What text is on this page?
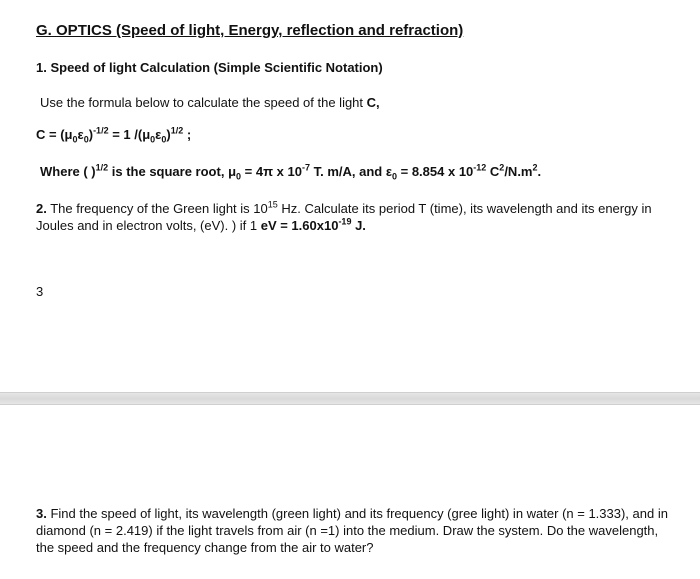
G. OPTICS (Speed of light, Energy, reflection and refraction)
1. Speed of light Calculation (Simple Scientific Notation)
Use the formula below to calculate the speed of the light C,
$C = (\mu_0\varepsilon_0)^{-1/2} = 1$ $/(\mu_0\varepsilon_0)^{1/2}$ ;
Where ( )$^{1/2}$ is the square root, $\mu_0 = 4\pi$ x $10^{-7}$ T. m/A, and $\varepsilon_0 = 8.854$ x $10^{-12}$ $C^2/N.m^2$.
2. The frequency of the Green light is $10^{15}$ Hz. Calculate its period T (time), its wavelength and its energy in Joules and in electron volts, (eV). ) if 1 eV = $1.60x10^{-19}$ J.
3
3. Find the speed of light, its wavelength (green light) and its frequency (gree light) in water (n = 1.333), and in diamond (n = 2.419) if the light travels from air (n =1) into the medium. Draw the system. Do the wavelength, the speed and the frequency change from the air to water?
